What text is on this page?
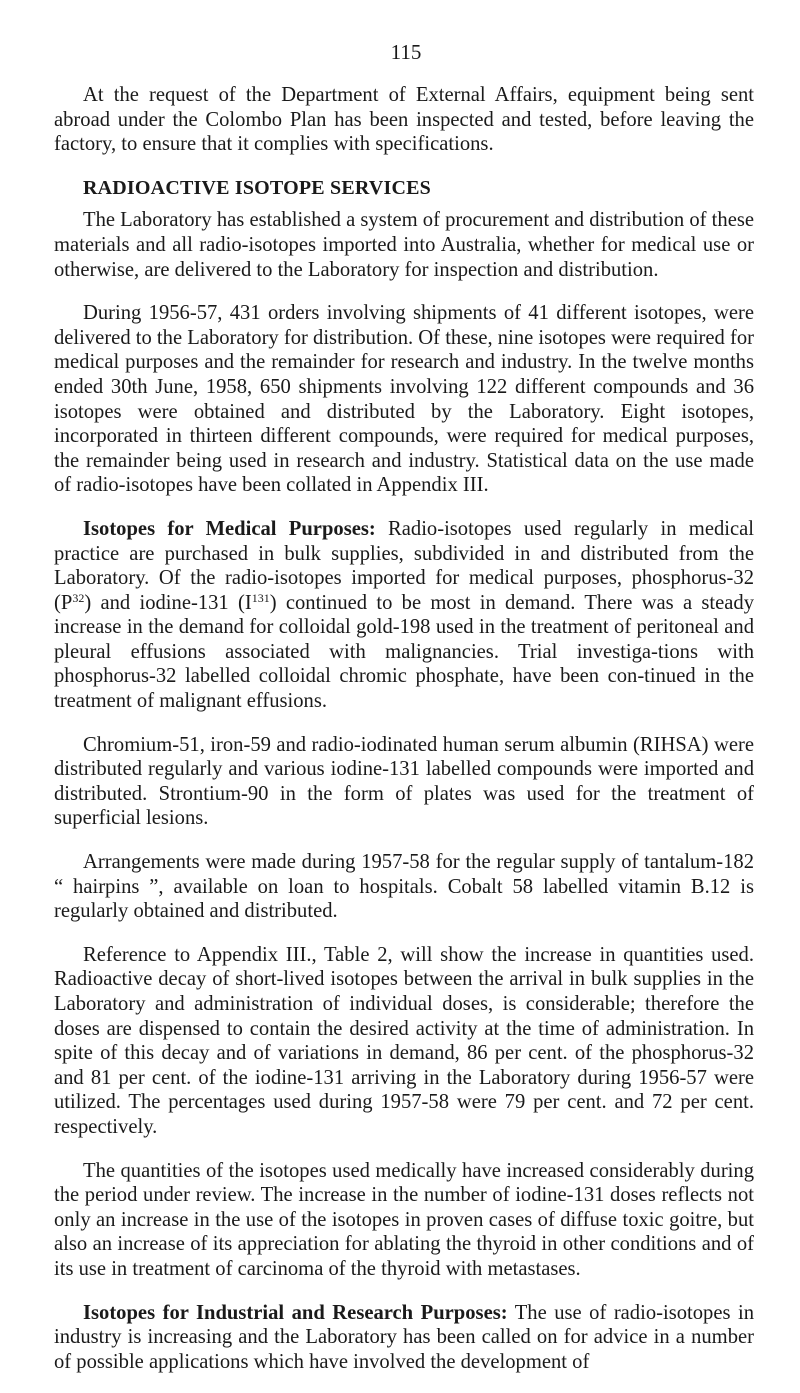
115

At the request of the Department of External Affairs, equipment being sent abroad under the Colombo Plan has been inspected and tested, before leaving the factory, to ensure that it complies with specifications.

RADIOACTIVE ISOTOPE SERVICES

The Laboratory has established a system of procurement and distribution of these materials and all radio-isotopes imported into Australia, whether for medical use or otherwise, are delivered to the Laboratory for inspection and distribution.

During 1956-57, 431 orders involving shipments of 41 different isotopes, were delivered to the Laboratory for distribution. Of these, nine isotopes were required for medical purposes and the remainder for research and industry. In the twelve months ended 30th June, 1958, 650 shipments involving 122 different compounds and 36 isotopes were obtained and distributed by the Laboratory. Eight isotopes, incorporated in thirteen different compounds, were required for medical purposes, the remainder being used in research and industry. Statistical data on the use made of radio-isotopes have been collated in Appendix III.

Isotopes for Medical Purposes: Radio-isotopes used regularly in medical practice are purchased in bulk supplies, subdivided in and distributed from the Laboratory. Of the radio-isotopes imported for medical purposes, phosphorus-32 $(P^{32})$ and iodine-131 $(I^{131})$ continued to be most in demand. There was a steady increase in the demand for colloidal gold-198 used in the treatment of peritoneal and pleural effusions associated with malignancies. Trial investiga-tions with phosphorus-32 labelled colloidal chromic phosphate, have been con-tinued in the treatment of malignant effusions.

Chromium-51, iron-59 and radio-iodinated human serum albumin (RIHSA) were distributed regularly and various iodine-131 labelled compounds were imported and distributed. Strontium-90 in the form of plates was used for the treatment of superficial lesions.

Arrangements were made during 1957-58 for the regular supply of tantalum-182 “ hairpins ”, available on loan to hospitals. Cobalt 58 labelled vitamin B.12 is regularly obtained and distributed.

Reference to Appendix III., Table 2, will show the increase in quantities used. Radioactive decay of short-lived isotopes between the arrival in bulk supplies in the Laboratory and administration of individual doses, is considerable; therefore the doses are dispensed to contain the desired activity at the time of administration. In spite of this decay and of variations in demand, 86 per cent. of the phosphorus-32 and 81 per cent. of the iodine-131 arriving in the Laboratory during 1956-57 were utilized. The percentages used during 1957-58 were 79 per cent. and 72 per cent. respectively.

The quantities of the isotopes used medically have increased considerably during the period under review. The increase in the number of iodine-131 doses reflects not only an increase in the use of the isotopes in proven cases of diffuse toxic goitre, but also an increase of its appreciation for ablating the thyroid in other conditions and of its use in treatment of carcinoma of the thyroid with metastases.

Isotopes for Industrial and Research Purposes: The use of radio-isotopes in industry is increasing and the Laboratory has been called on for advice in a number of possible applications which have involved the development of
